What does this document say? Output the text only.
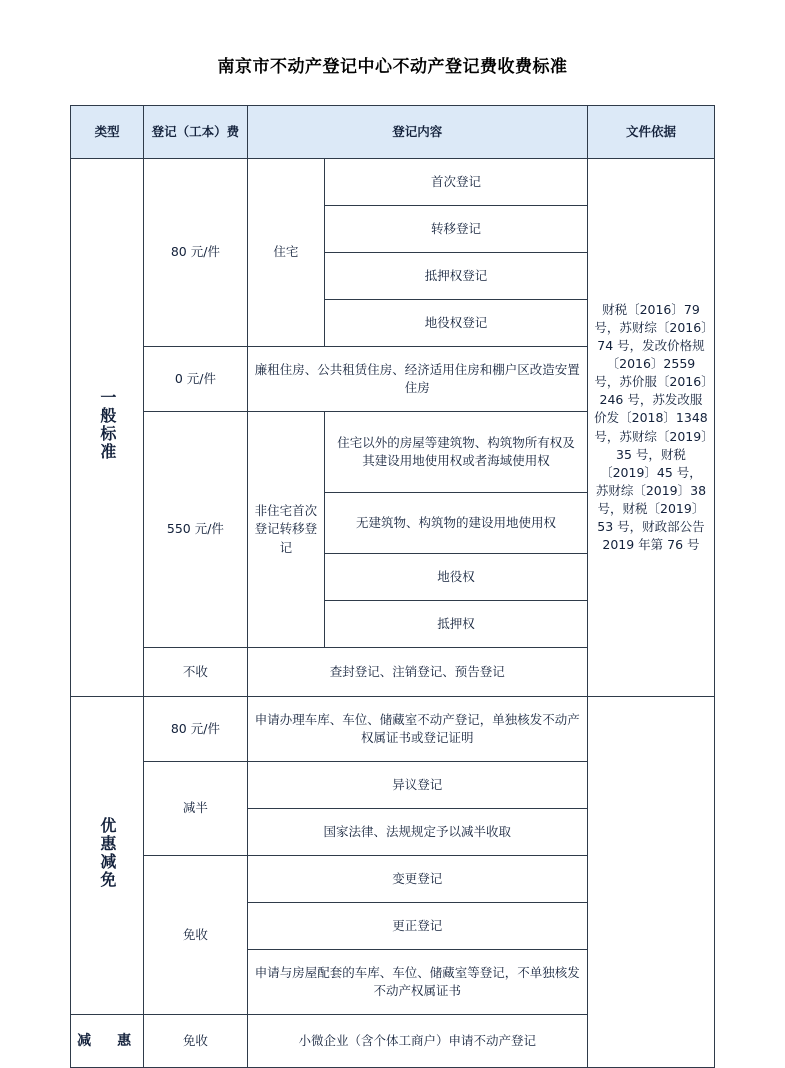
南京市不动产登记中心不动产登记费收费标准
类型	登记（工本）费	登记内容		文件依据
一般标准	80 元/件	住宅	首次登记	财税〔2016〕79 号，苏财综〔2016〕74 号，发改价格规〔2016〕2559 号，苏价服〔2016〕246 号，苏发改服价发〔2018〕1348 号，苏财综〔2019〕35 号，财税〔2019〕45 号，苏财综〔2019〕38 号，财税〔2019〕53 号，财政部公告 2019 年第 76 号
			转移登记	
			抵押权登记	
			地役权登记	
	0 元/件	廉租住房、公共租赁住房、经济适用住房和棚户区改造安置住房		
	550 元/件	非住宅首次登记转移登记	住宅以外的房屋等建筑物、构筑物所有权及其建设用地使用权或者海域使用权	
			无建筑物、构筑物的建设用地使用权	
			地役权	
			抵押权	
	不收	查封登记、注销登记、预告登记		
优惠减免	80 元/件	申请办理车库、车位、储藏室不动产登记，单独核发不动产权属证书或登记证明		
	减半	异议登记		
		国家法律、法规规定予以减半收取		
	免收	变更登记		
		更正登记		
		申请与房屋配套的车库、车位、储藏室等登记，不单独核发不动产权属证书		
减　惠	免收	小微企业（含个体工商户）申请不动产登记		
